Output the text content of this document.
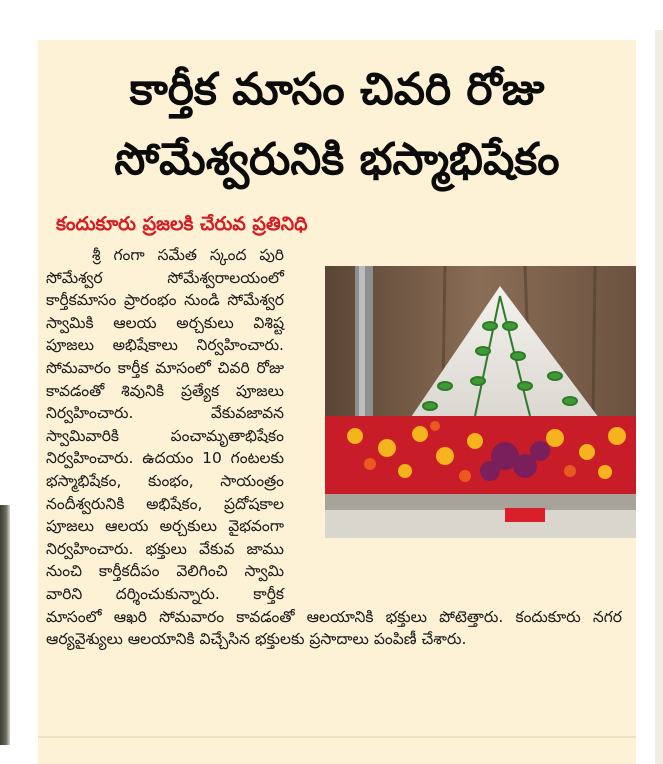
కార్తీక మాసం చివరి రోజు
సోమేశ్వరునికి భస్మాభిషేకం
కందుకూరు ప్రజలకి చేరువ ప్రతినిధి

శ్రీ గంగా సమేత స్కంద పురి సోమేశ్వర సోమేశ్వరాలయంలో కార్తీకమాసం ప్రారంభం నుండి సోమేశ్వర స్వామికి ఆలయ అర్చకులు విశిష్ట పూజలు అభిషేకాలు నిర్వహించారు. సోమవారం కార్తీక మాసంలో చివరి రోజు కావడంతో శివునికి ప్రత్యేక పూజలు నిర్వహించారు. వేకువజావన స్వామివారికి పంచామృతాభిషేకం నిర్వహించారు. ఉదయం 10 గంటలకు భస్మాభిషేకం, కుంభం, సాయంత్రం నందీశ్వరునికి అభిషేకం, ప్రదోషకాల పూజలు ఆలయ అర్చకులు వైభవంగా నిర్వహించారు. భక్తులు వేకువ జాము నుంచి కార్తీకదీపం వెలిగించి స్వామి వారిని దర్శించుకున్నారు. కార్తీక మాసంలో ఆఖరి సోమవారం కావడంతో ఆలయానికి భక్తులు పోటెత్తారు. కందుకూరు నగర ఆర్యవైశ్యులు ఆలయానికి విచ్చేసిన భక్తులకు ప్రసాదాలు పంపిణీ చేశారు.
